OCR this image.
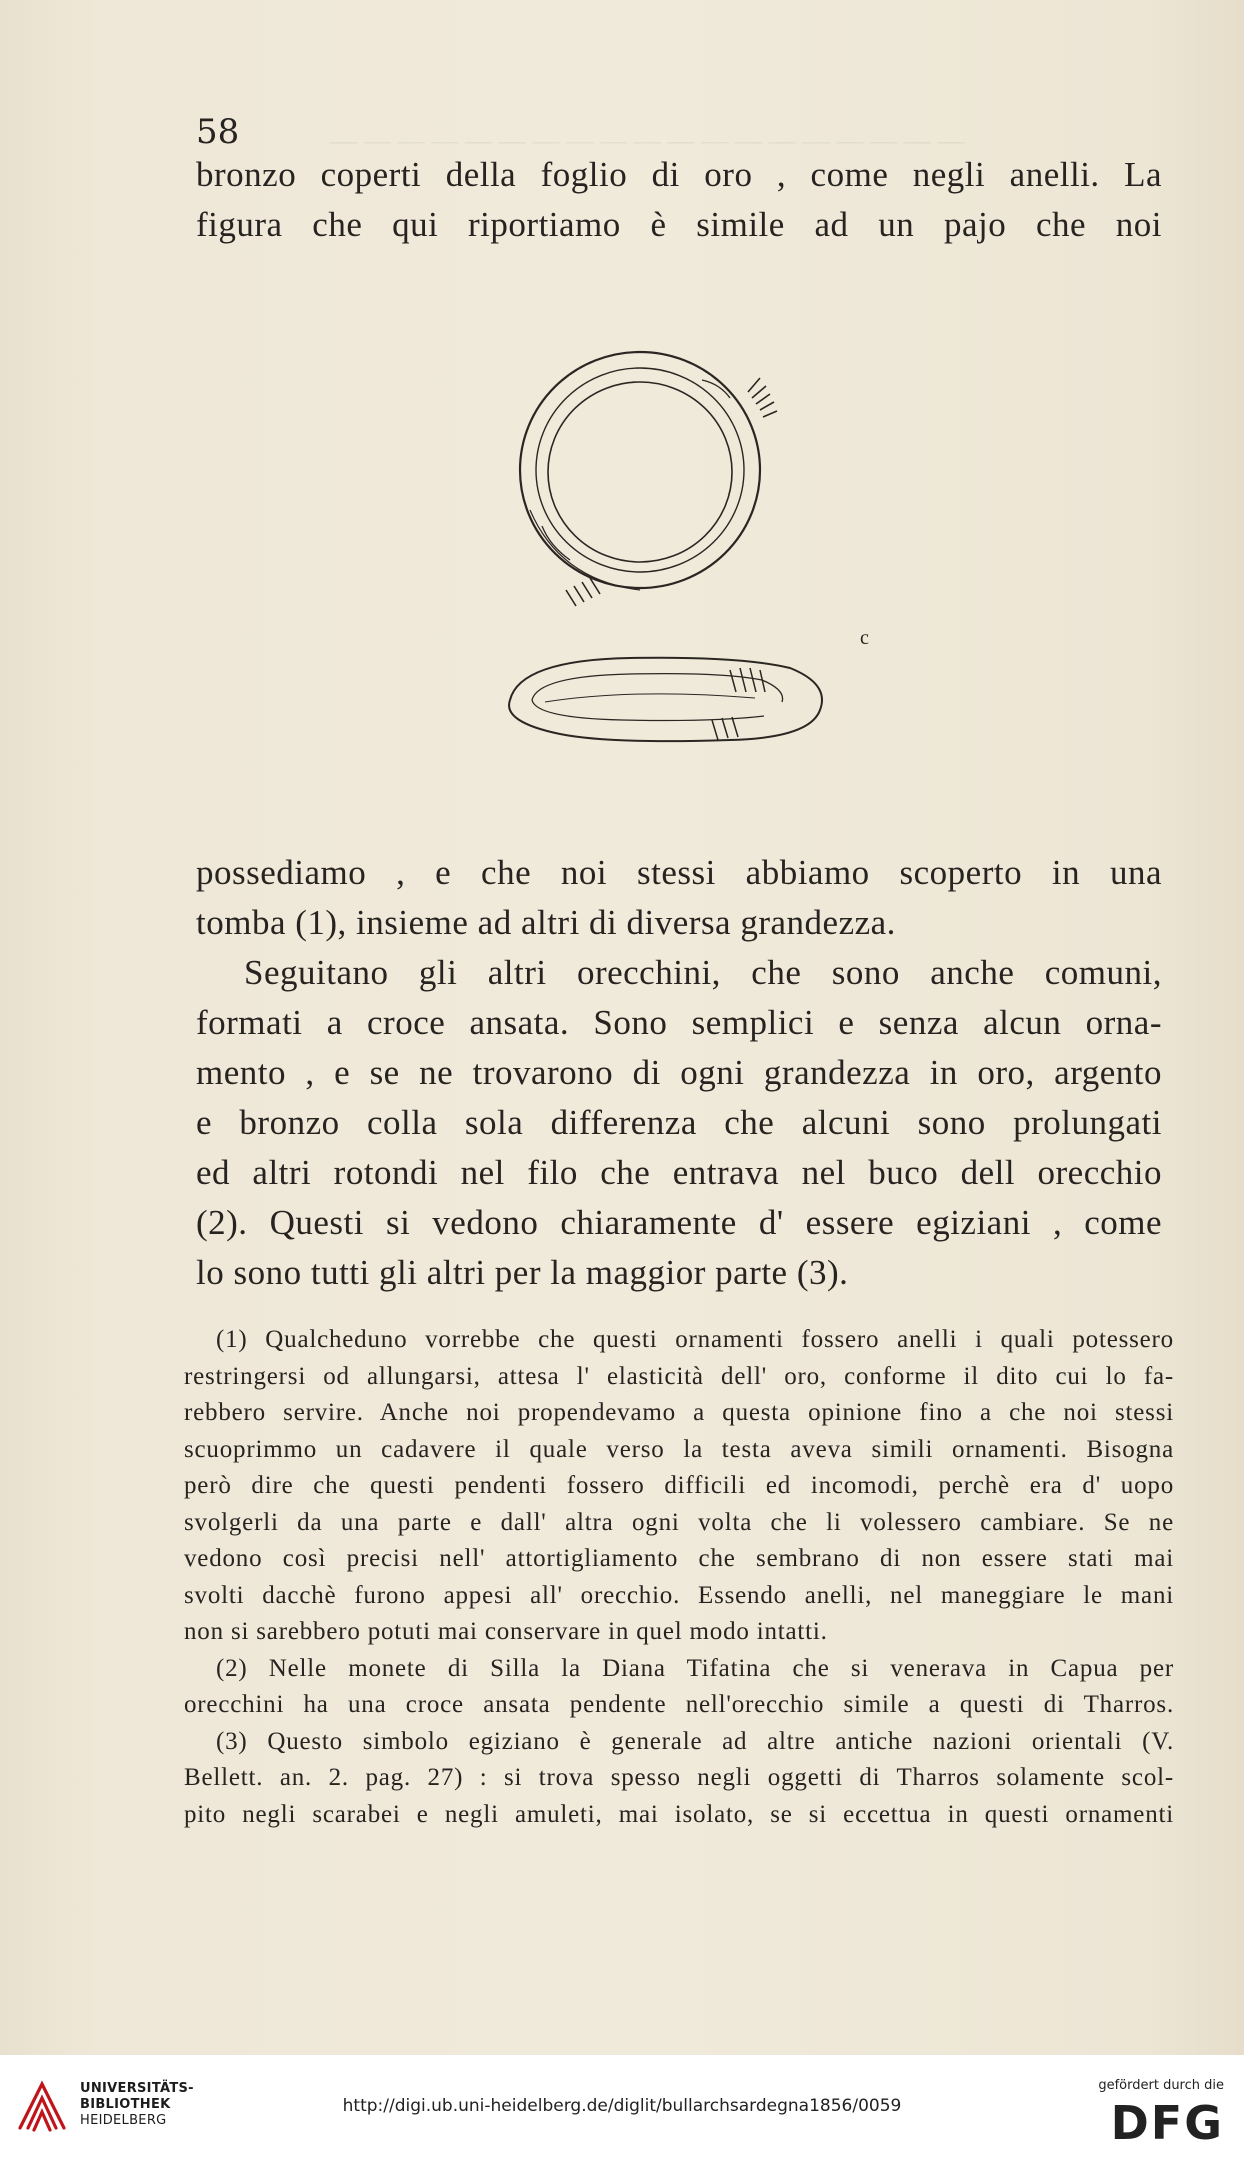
— — — — — — — — — — — — — — — — — — —
58
bronzo coperti della foglio di oro , come negli anelli. La
figura che qui riportiamo è simile ad un pajo che noi
c
possediamo , e che noi stessi abbiamo scoperto in una
tomba (1), insieme ad altri di diversa grandezza.
Seguitano gli altri orecchini, che sono anche comuni,
formati a croce ansata. Sono semplici e senza alcun orna-
mento , e se ne trovarono di ogni grandezza in oro, argento
e bronzo colla sola differenza che alcuni sono prolungati
ed altri rotondi nel filo che entrava nel buco dell orecchio
(2). Questi si vedono chiaramente d' essere egiziani , come
lo sono tutti gli altri per la maggior parte (3).
(1) Qualcheduno vorrebbe che questi ornamenti fossero anelli i quali potessero
restringersi od allungarsi, attesa l' elasticità dell' oro, conforme il dito cui lo fa-
rebbero servire. Anche noi propendevamo a questa opinione fino a che noi stessi
scuoprimmo un cadavere il quale verso la testa aveva simili ornamenti. Bisogna
però dire che questi pendenti fossero difficili ed incomodi, perchè era d' uopo
svolgerli da una parte e dall' altra ogni volta che li volessero cambiare. Se ne
vedono così precisi nell' attortigliamento che sembrano di non essere stati mai
svolti dacchè furono appesi all' orecchio. Essendo anelli, nel maneggiare le mani
non si sarebbero potuti mai conservare in quel modo intatti.
(2) Nelle monete di Silla la Diana Tifatina che si venerava in Capua per
orecchini ha una croce ansata pendente nell'orecchio simile a questi di Tharros.
(3) Questo simbolo egiziano è generale ad altre antiche nazioni orientali (V.
Bellett. an. 2. pag. 27) : si trova spesso negli oggetti di Tharros solamente scol-
pito negli scarabei e negli amuleti, mai isolato, se si eccettua in questi ornamenti
UNIVERSITÄTS-
BIBLIOTHEK
HEIDELBERG
http://digi.ub.uni-heidelberg.de/diglit/bullarchsardegna1856/0059
gefördert durch die
DFG
